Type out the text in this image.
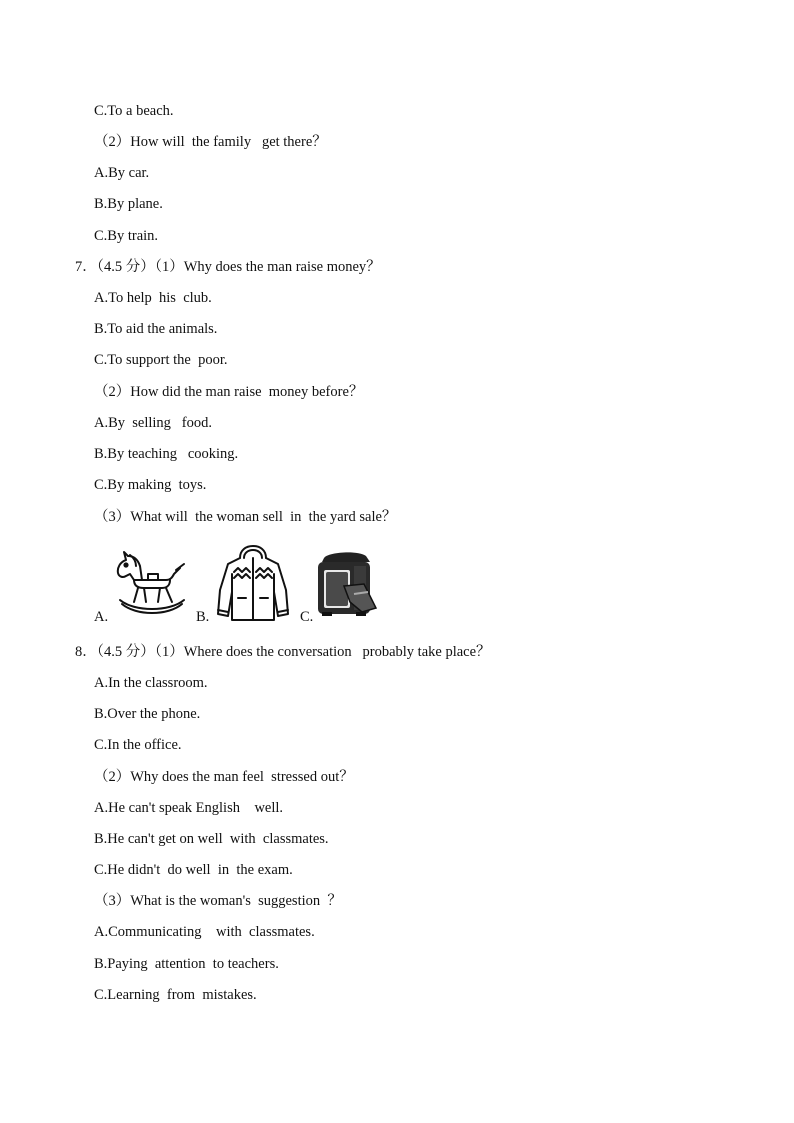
C.To a beach.
（2）How will  the family   get there？
A.By car.
B.By plane.
C.By train.
7．（4.5 分）（1）Why does the man raise money？
A.To help  his  club.
B.To aid the animals.
C.To support the  poor.
（2）How did the man raise  money before？
A.By  selling   food.
B.By teaching   cooking.
C.By making  toys.
（3）What will  the woman sell  in  the yard sale？
A.	B.	C.
8．（4.5 分）（1）Where does the conversation   probably take place？
A.In the classroom.
B.Over the phone.
C.In the office.
（2）Why does the man feel  stressed out？
A.He can't speak English    well.
B.He can't get on well  with  classmates.
C.He didn't  do well  in  the exam.
（3）What is the woman's  suggestion  ？
A.Communicating    with  classmates.
B.Paying  attention  to teachers.
C.Learning  from  mistakes.
